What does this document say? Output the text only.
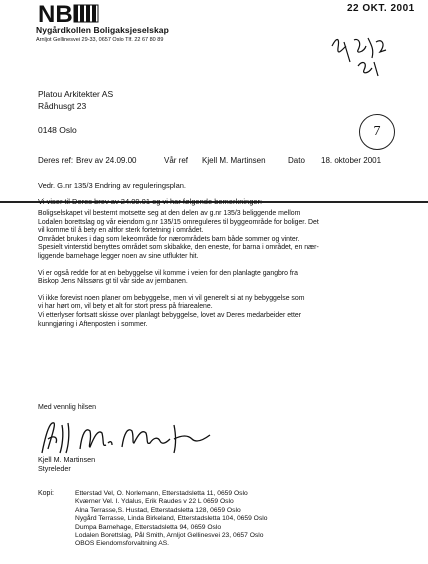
NB
Nygårdkollen Boligaksjeselskap
Arnljot Gellinesvei 29-33, 0657 Oslo Tlf. 22 67 80 89
22 OKT. 2001
Platou Arkitekter AS
Rådhusgt 23
0148 Oslo	7
Deres ref: Brev av 24.09.00	Vår ref Kjell M. Martinsen	Dato 18. oktober 2001
Vedr. G.nr 135/3 Endring av reguleringsplan.
Vi viser til Deres brev av 24.09.01 og vi har følgende bemerkninger:

Boligselskapet vil bestemt motsette seg at den delen av g.nr 135/3 beliggende mellom
Lodalen borettslag og vår eiendom g.nr 135/15 omreguleres til byggeområde for boliger. Det
vil komme til å bety en altfor sterk fortetning i området.
Området brukes i dag som lekeområde for nærområdets barn både sommer og vinter.
Spesielt vinterstid benyttes området som skibakke, den eneste, for barna i området, en nær-
liggende barnehage legger noen av sine utflukter hit.

Vi er også redde for at en bebyggelse vil komme i veien for den planlagte gangbro fra
Biskop Jens Nilssøns gt til vår side av jernbanen.

Vi ikke forevist noen planer om bebyggelse, men vi vil generelt si at ny bebyggelse som
vi har hørt om, vil bety et alt for stort press på friarealene.
Vi etterlyser fortsatt skisse over planlagt bebyggelse, lovet av Deres medarbeider etter
kunngjøring i Aftenposten i sommer.

Med vennlig hilsen
Kjell M. Martinsen
Styreleder
Kopi:	Etterstad Vel, O. Norlemann, Etterstadsletta 11, 0659 Oslo
Kværner Vel. I. Ydalus, Erik Raudes v 22 L 0659 Oslo
Alna Terrasse,S. Hustad, Etterstadsletta 128, 0659 Oslo
Nygård Terrasse, Linda Birkeland, Etterstadsletta 104, 0659 Oslo
Dumpa Barnehage, Etterstadsletta 94, 0659 Oslo
Lodalen Borettslag, Pål Smith, Arnljot Gellinesvei 23, 0657 Oslo
OBOS Eiendomsforvaltning AS.
